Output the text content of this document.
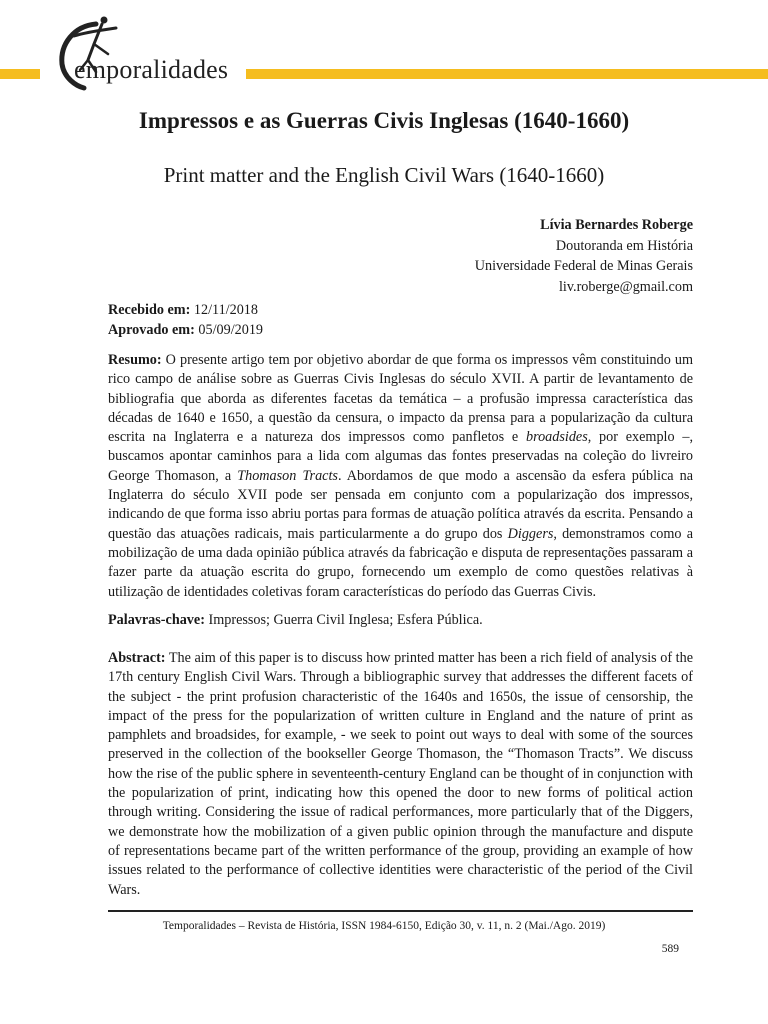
emporalidades
Impressos e as Guerras Civis Inglesas (1640-1660)
Print matter and the English Civil Wars (1640-1660)
Lívia Bernardes Roberge
Doutoranda em História
Universidade Federal de Minas Gerais
liv.roberge@gmail.com
Recebido em: 12/11/2018
Aprovado em: 05/09/2019
Resumo: O presente artigo tem por objetivo abordar de que forma os impressos vêm constituindo um rico campo de análise sobre as Guerras Civis Inglesas do século XVII. A partir de levantamento de bibliografia que aborda as diferentes facetas da temática – a profusão impressa característica das décadas de 1640 e 1650, a questão da censura, o impacto da prensa para a popularização da cultura escrita na Inglaterra e a natureza dos impressos como panfletos e broadsides, por exemplo –, buscamos apontar caminhos para a lida com algumas das fontes preservadas na coleção do livreiro George Thomason, a Thomason Tracts. Abordamos de que modo a ascensão da esfera pública na Inglaterra do século XVII pode ser pensada em conjunto com a popularização dos impressos, indicando de que forma isso abriu portas para formas de atuação política através da escrita. Pensando a questão das atuações radicais, mais particularmente a do grupo dos Diggers, demonstramos como a mobilização de uma dada opinião pública através da fabricação e disputa de representações passaram a fazer parte da atuação escrita do grupo, fornecendo um exemplo de como questões relativas à utilização de identidades coletivas foram características do período das Guerras Civis.
Palavras-chave: Impressos; Guerra Civil Inglesa; Esfera Pública.
Abstract: The aim of this paper is to discuss how printed matter has been a rich field of analysis of the 17th century English Civil Wars. Through a bibliographic survey that addresses the different facets of the subject - the print profusion characteristic of the 1640s and 1650s, the issue of censorship, the impact of the press for the popularization of written culture in England and the nature of print as pamphlets and broadsides, for example, - we seek to point out ways to deal with some of the sources preserved in the collection of the bookseller George Thomason, the “Thomason Tracts”. We discuss how the rise of the public sphere in seventeenth-century England can be thought of in conjunction with the popularization of print, indicating how this opened the door to new forms of political action through writing. Considering the issue of radical performances, more particularly that of the Diggers, we demonstrate how the mobilization of a given public opinion through the manufacture and dispute of representations became part of the written performance of the group, providing an example of how issues related to the performance of collective identities were characteristic of the period of the Civil Wars.
Temporalidades – Revista de História, ISSN 1984-6150, Edição 30, v. 11, n. 2 (Mai./Ago. 2019)
589
